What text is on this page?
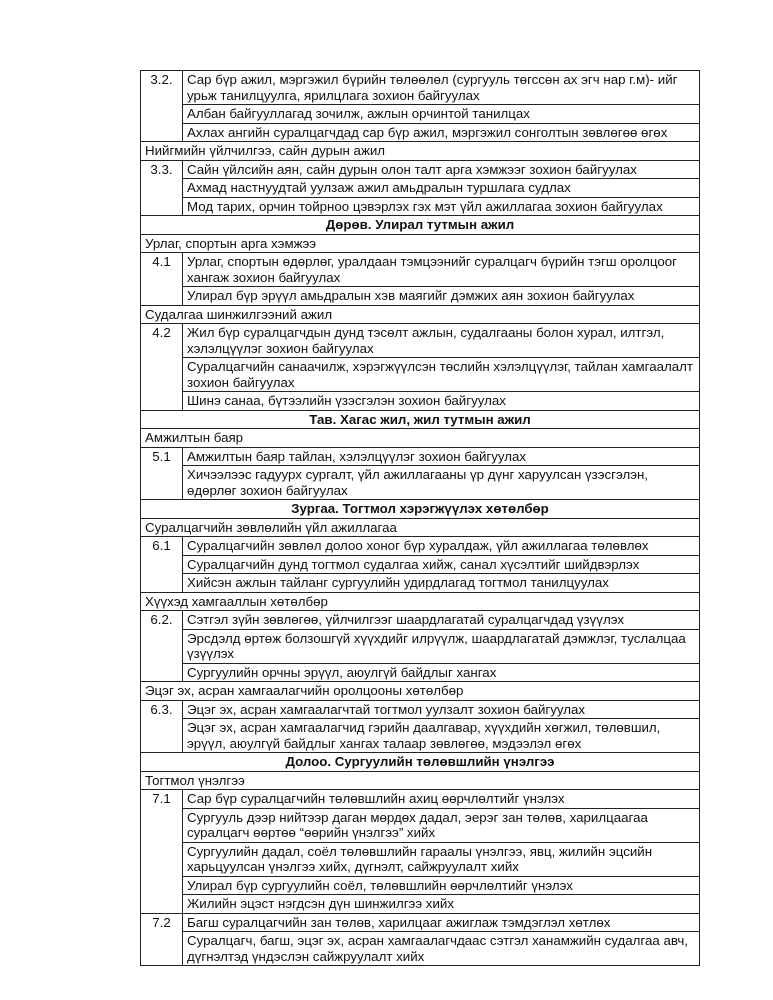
3.2.	Сар бүр ажил, мэргэжил бүрийн төлөөлөл (сургууль төгссөн ах эгч нар г.м)- ийг урьж танилцуулга, ярилцлага зохион байгуулах
	Албан байгууллагад зочилж, ажлын орчинтой танилцах
	Ахлах ангийн суралцагчдад сар бүр ажил, мэргэжил сонголтын зөвлөгөө өгөх
Нийгмийн үйлчилгээ, сайн дурын ажил	
3.3.	Сайн үйлсийн аян, сайн дурын олон талт арга хэмжээг зохион байгуулах
	Ахмад настнуудтай уулзаж ажил амьдралын туршлага судлах
	Мод тарих, орчин тойрноо цэвэрлэх гэх мэт үйл ажиллагаа зохион байгуулах
Дөрөв. Улирал тутмын ажил	
Урлаг, спортын арга хэмжээ	
4.1	Урлаг, спортын өдөрлөг, уралдаан тэмцээнийг суралцагч бүрийн тэгш оролцоог хангаж зохион байгуулах
	Улирал бүр эрүүл амьдралын хэв маягийг дэмжих аян зохион байгуулах
Судалгаа шинжилгээний ажил	
4.2	Жил бүр суралцагчдын дунд тэсөлт ажлын, судалгааны болон хурал, илтгэл, хэлэлцүүлэг зохион байгуулах
	Суралцагчийн санаачилж, хэрэгжүүлсэн төслийн хэлэлцүүлэг, тайлан хамгаалалт зохион байгуулах
	Шинэ санаа, бүтээлийн үзэсгэлэн зохион байгуулах
Тав. Хагас жил, жил тутмын ажил	
Амжилтын баяр	
5.1	Амжилтын баяр тайлан, хэлэлцүүлэг зохион байгуулах
	Хичээлээс гадуурх сургалт, үйл ажиллагааны үр дүнг харуулсан үзэсгэлэн, өдөрлөг зохион байгуулах
Зургаа. Тогтмол хэрэгжүүлэх хөтөлбөр	
Суралцагчийн зөвлөлийн үйл ажиллагаа	
6.1	Суралцагчийн зөвлөл долоо хоног бүр хуралдаж, үйл ажиллагаа төлөвлөх
	Суралцагчийн дунд тогтмол судалгаа хийж, санал хүсэлтийг шийдвэрлэх
	Хийсэн ажлын тайланг сургуулийн удирдлагад тогтмол танилцуулах
Хүүхэд хамгааллын хөтөлбөр	
6.2.	Сэтгэл зүйн зөвлөгөө, үйлчилгээг шаардлагатай суралцагчдад үзүүлэх
	Эрсдэлд өртөж болзошгүй хүүхдийг илрүүлж, шаардлагатай дэмжлэг, туслалцаа үзүүлэх
	Сургуулийн орчны эрүүл, аюулгүй байдлыг хангах
Эцэг эх, асран хамгаалагчийн оролцооны хөтөлбөр	
6.3.	Эцэг эх, асран хамгаалагчтай тогтмол уулзалт зохион байгуулах
	Эцэг эх, асран хамгаалагчид гэрийн даалгавар, хүүхдийн хөгжил, төлөвшил, эрүүл, аюулгүй байдлыг хангах талаар зөвлөгөө, мэдээлэл өгөх
Долоо. Сургуулийн төлөвшлийн үнэлгээ	
Тогтмол үнэлгээ	
7.1	Сар бүр суралцагчийн төлөвшлийн ахиц өөрчлөлтийг үнэлэх
	Сургууль дээр нийтээр даган мөрдөх дадал, эерэг зан төлөв, харилцаагаа суралцагч өөртөө “өөрийн үнэлгээ” хийх
	Сургуулийн дадал, соёл төлөвшлийн гараалы үнэлгээ, явц, жилийн эцсийн харьцуулсан үнэлгээ хийх, дүгнэлт, сайжруулалт хийх
	Улирал бүр сургуулийн соёл, төлөвшлийн өөрчлөлтийг үнэлэх
	Жилийн эцэст нэгдсэн дүн шинжилгээ хийх
7.2	Багш суралцагчийн зан төлөв, харилцааг ажиглаж тэмдэглэл хөтлөх
	Суралцагч, багш, эцэг эх, асран хамгаалагчдаас сэтгэл ханамжийн судалгаа авч, дүгнэлтэд үндэслэн сайжруулалт хийх
